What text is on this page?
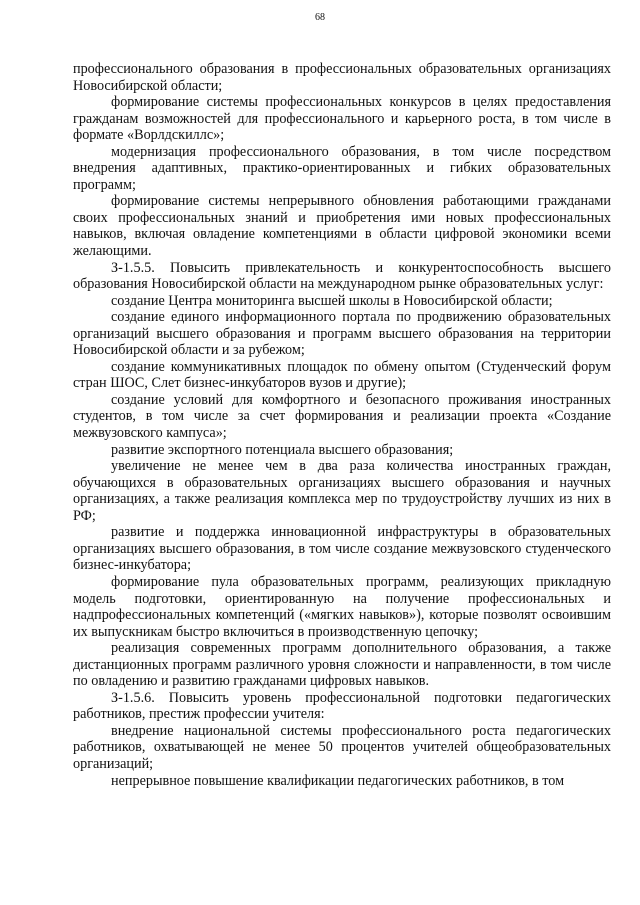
68

профессионального образования в профессиональных образовательных организациях Новосибирской области;

формирование системы профессиональных конкурсов в целях предоставления гражданам возможностей для профессионального и карьерного роста, в том числе в формате «Ворлдскиллс»;

модернизация профессионального образования, в том числе посредством внедрения адаптивных, практико-ориентированных и гибких образовательных программ;

формирование системы непрерывного обновления работающими гражданами своих профессиональных знаний и приобретения ими новых профессиональных навыков, включая овладение компетенциями в области цифровой экономики всеми желающими.

З-1.5.5. Повысить привлекательность и конкурентоспособность высшего образования Новосибирской области на международном рынке образовательных услуг:

создание Центра мониторинга высшей школы в Новосибирской области;

создание единого информационного портала по продвижению образовательных организаций высшего образования и программ высшего образования на территории Новосибирской области и за рубежом;

создание коммуникативных площадок по обмену опытом (Студенческий форум стран ШОС, Слет бизнес-инкубаторов вузов и другие);

создание условий для комфортного и безопасного проживания иностранных студентов, в том числе за счет формирования и реализации проекта «Создание межвузовского кампуса»;

развитие экспортного потенциала высшего образования;

увеличение не менее чем в два раза количества иностранных граждан, обучающихся в образовательных организациях высшего образования и научных организациях, а также реализация комплекса мер по трудоустройству лучших из них в РФ;

развитие и поддержка инновационной инфраструктуры в образовательных организациях высшего образования, в том числе создание межвузовского студенческого бизнес-инкубатора;

формирование пула образовательных программ, реализующих прикладную модель подготовки, ориентированную на получение профессиональных и надпрофессиональных компетенций («мягких навыков»), которые позволят освоившим их выпускникам быстро включиться в производственную цепочку;

реализация современных программ дополнительного образования, а также дистанционных программ различного уровня сложности и направленности, в том числе по овладению и развитию гражданами цифровых навыков.

З-1.5.6. Повысить уровень профессиональной подготовки педагогических работников, престиж профессии учителя:

внедрение национальной системы профессионального роста педагогических работников, охватывающей не менее 50 процентов учителей общеобразовательных организаций;

непрерывное повышение квалификации педагогических работников, в том
